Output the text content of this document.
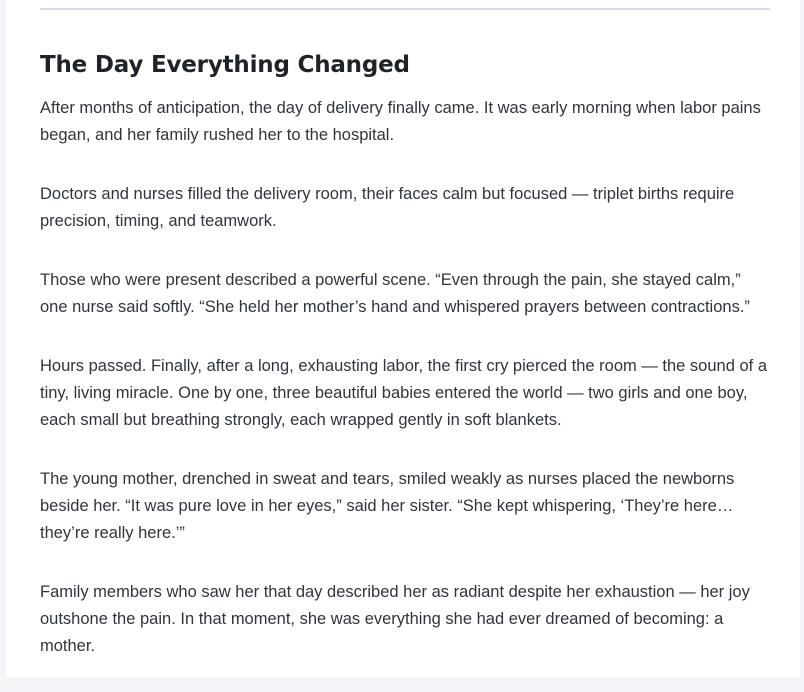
The Day Everything Changed

After months of anticipation, the day of delivery finally came. It was early morning when labor pains began, and her family rushed her to the hospital.

Doctors and nurses filled the delivery room, their faces calm but focused — triplet births require precision, timing, and teamwork.

Those who were present described a powerful scene. “Even through the pain, she stayed calm,” one nurse said softly. “She held her mother’s hand and whispered prayers between contractions.”

Hours passed. Finally, after a long, exhausting labor, the first cry pierced the room — the sound of a tiny, living miracle. One by one, three beautiful babies entered the world — two girls and one boy, each small but breathing strongly, each wrapped gently in soft blankets.

The young mother, drenched in sweat and tears, smiled weakly as nurses placed the newborns beside her. “It was pure love in her eyes,” said her sister. “She kept whispering, ‘They’re here… they’re really here.’”

Family members who saw her that day described her as radiant despite her exhaustion — her joy outshone the pain. In that moment, she was everything she had ever dreamed of becoming: a mother.
